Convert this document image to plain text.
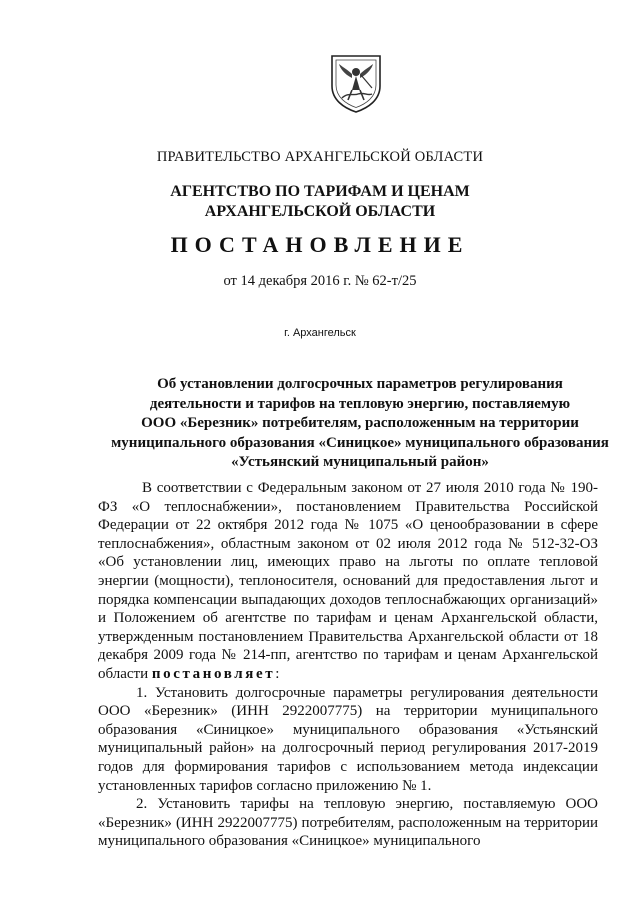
ПРАВИТЕЛЬСТВО АРХАНГЕЛЬСКОЙ ОБЛАСТИ
АГЕНТСТВО ПО ТАРИФАМ И ЦЕНАМ
АРХАНГЕЛЬСКОЙ ОБЛАСТИ
ПОСТАНОВЛЕНИЕ
от 14 декабря 2016 г. № 62-т/25
г. Архангельск
Об установлении долгосрочных параметров регулирования
деятельности и тарифов на тепловую энергию, поставляемую
ООО «Березник» потребителям, расположенным на территории
муниципального образования «Синицкое» муниципального образования
«Устьянский муниципальный район»

В соответствии с Федеральным законом от 27 июля 2010 года № 190-ФЗ «О теплоснабжении», постановлением Правительства Российской Федерации от 22 октября 2012 года № 1075 «О ценообразовании в сфере теплоснабжения», областным законом от 02 июля 2012 года № 512-32-ОЗ «Об установлении лиц, имеющих право на льготы по оплате тепловой энергии (мощности), теплоносителя, оснований для предоставления льгот и порядка компенсации выпадающих доходов теплоснабжающих организаций» и Положением об агентстве по тарифам и ценам Архангельской области, утвержденным постановлением Правительства Архангельской области от 18 декабря 2009 года № 214-пп, агентство по тарифам и ценам Архангельской области постановляет:

1. Установить долгосрочные параметры регулирования деятельности ООО «Березник» (ИНН 2922007775) на территории муниципального образования «Синицкое» муниципального образования «Устьянский муниципальный район» на долгосрочный период регулирования 2017-2019 годов для формирования тарифов с использованием метода индексации установленных тарифов согласно приложению № 1.

2. Установить тарифы на тепловую энергию, поставляемую ООО «Березник» (ИНН 2922007775) потребителям, расположенным на территории муниципального образования «Синицкое» муниципального
